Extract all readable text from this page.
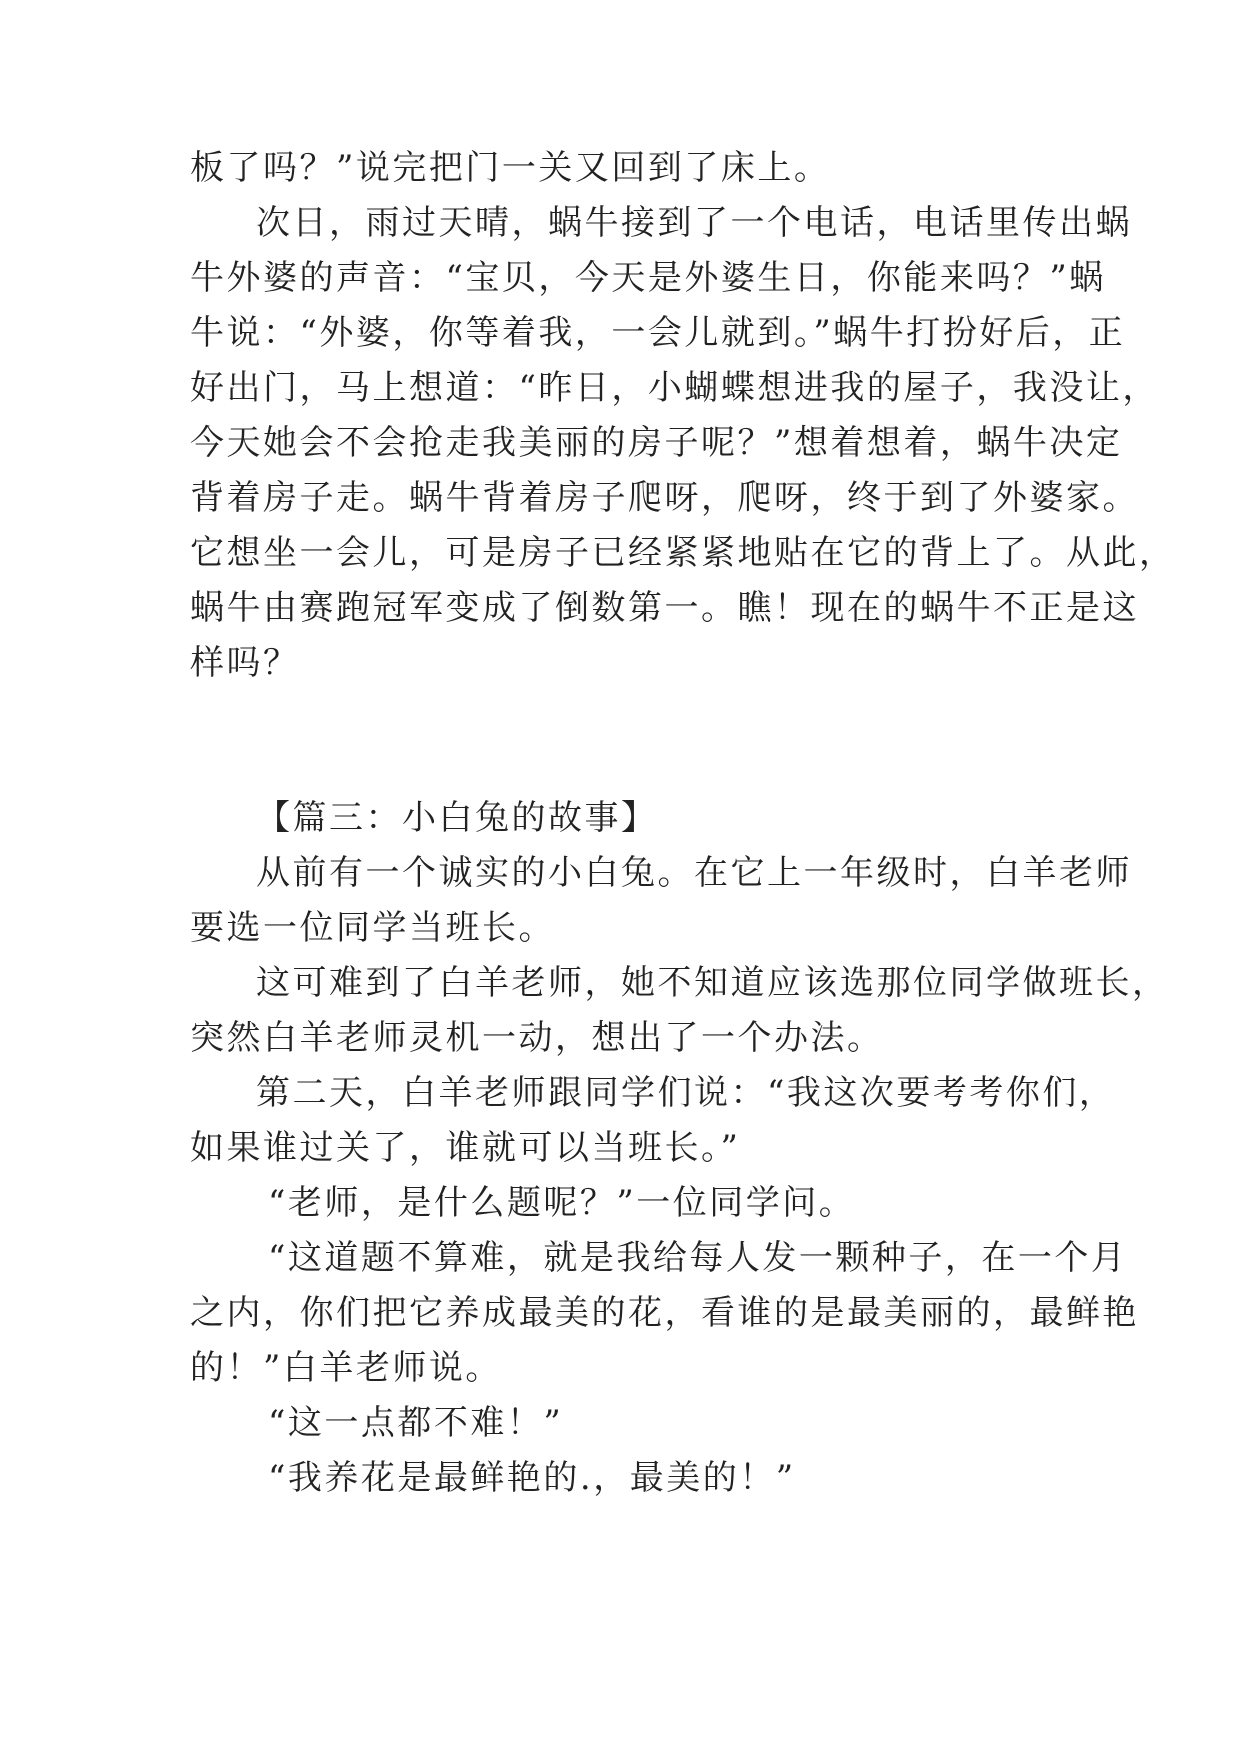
板了吗？”说完把门一关又回到了床上。
次日，雨过天晴，蜗牛接到了一个电话，电话里传出蜗
牛外婆的声音：“宝贝，今天是外婆生日，你能来吗？”蜗
牛说：“外婆，你等着我，一会儿就到。”蜗牛打扮好后，正
好出门，马上想道：“昨日，小蝴蝶想进我的屋子，我没让，
今天她会不会抢走我美丽的房子呢？”想着想着，蜗牛决定
背着房子走。蜗牛背着房子爬呀，爬呀，终于到了外婆家。
它想坐一会儿，可是房子已经紧紧地贴在它的背上了。从此，
蜗牛由赛跑冠军变成了倒数第一。瞧！现在的蜗牛不正是这
样吗？
【篇三：小白兔的故事】
从前有一个诚实的小白兔。在它上一年级时，白羊老师
要选一位同学当班长。
这可难到了白羊老师，她不知道应该选那位同学做班长，
突然白羊老师灵机一动，想出了一个办法。
第二天，白羊老师跟同学们说：“我这次要考考你们，
如果谁过关了，谁就可以当班长。”
“老师，是什么题呢？”一位同学问。
“这道题不算难，就是我给每人发一颗种子，在一个月
之内，你们把它养成最美的花，看谁的是最美丽的，最鲜艳
的！”白羊老师说。
“这一点都不难！”
“我养花是最鲜艳的.，最美的！”
